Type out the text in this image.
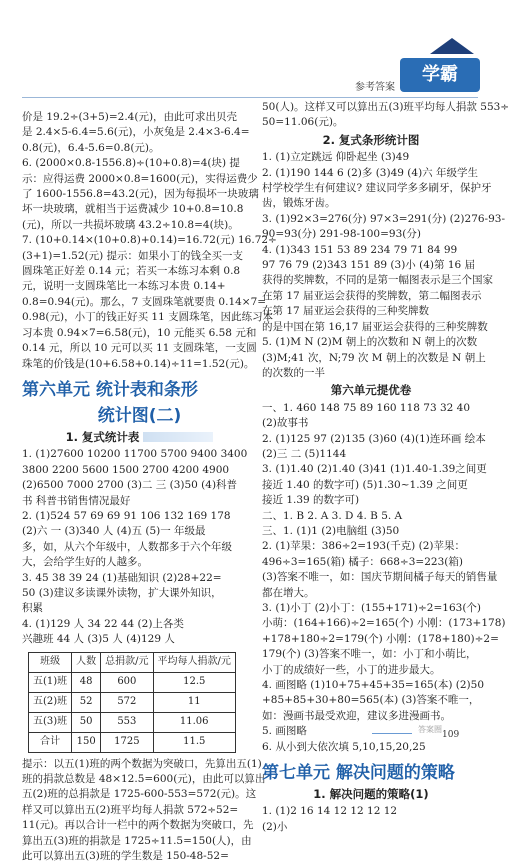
参考答案
学霸
价是 19.2÷(3+5)=2.4(元)，由此可求出贝壳
是 2.4×5-6.4=5.6(元)，小灰兔是 2.4×3-6.4=
0.8(元)，6.4-5.6=0.8(元)。
6. (2000×0.8-1556.8)÷(10+0.8)=4(块) 提
示：应得运费 2000×0.8=1600(元)，实得运费少
了 1600-1556.8=43.2(元)，因为每损坏一块玻璃
坏一块玻璃，就相当于运费减少 10+0.8=10.8
(元)，所以一共损坏玻璃 43.2÷10.8=4(块)。
7. (10+0.14×(10+0.8)+0.14)=16.72(元) 16.72÷
(3+1)=1.52(元) 提示：如果小丁的钱全买一支
圆珠笔正好差 0.14 元；若买一本练习本剩 0.8
元，说明一支圆珠笔比一本练习本贵 0.14+
0.8=0.94(元)。那么，7 支圆珠笔就要贵 0.14×7=
0.98(元)，小丁的钱正好买 11 支圆珠笔，因此练习本
习本贵 0.94×7=6.58(元)，10 元能买 6.58 元和
0.14 元，所以 10 元可以买 11 支圆珠笔，一支圆
珠笔的价钱是(10+6.58+0.14)÷11=1.52(元)。
第六单元 统计表和条形
统计图(二)
1. 复式统计表
1. (1)27600 10200 11700 5700 9400 3400
3800 2200 5600 1500 2700 4200 4900
(2)6500 7000 2700 (3)二 三 (3)50 (4)科普
书 科普书销售情况最好
2. (1)524 57 69 69 91 106 132 169 178
(2)六 一 (3)340 人 (4)五 (5)一 年级最
多，如，从六个年级中，人数都多于六个年级
大，会给学生好的人越多。
3. 45 38 39 24 (1)基础知识 (2)28+22=
50 (3)建议多读课外读物，扩大课外知识，
积累
4. (1)129 人 34 22 44 (2)上各类
兴趣班 44 人 (3)5 人 (4)129 人
班级	人数	总捐款/元	平均每人捐款/元
五(1)班	48	600	12.5
五(2)班	52	572	11
五(3)班	50	553	11.06
合计	150	1725	11.5
提示：以五(1)班的两个数据为突破口，先算出五(1)
班的捐款总数是 48×12.5=600(元)，由此可以算出
五(2)班的总捐款是 1725-600-553=572(元)。这
样又可以算出五(2)班平均每人捐款 572÷52=
11(元)。再以合计一栏中的两个数据为突破口，先
算出五(3)班的捐款是 1725÷11.5=150(人)，由
此可以算出五(3)班的学生数是 150-48-52=
50(人)。这样又可以算出五(3)班平均每人捐款 553÷
50=11.06(元)。
2. 复式条形统计图
1. (1)立定跳远 仰卧起坐 (3)49
2. (1)190 144 6 (2)多 (3)49 (4)六 年级学生
村学校学生有何建议? 建议同学多多刷牙，保护牙
齿，锻炼牙齿。
3. (1)92×3=276(分) 97×3=291(分) (2)276-93-
90=93(分) 291-98-100=93(分)
4. (1)343 151 53 89 234 79 71 84 99
97 76 79 (2)343 151 89 (3)小 (4)第 16 届
获得的奖牌数，不同的是第一幅图表示是三个国家
在第 17 届亚运会获得的奖牌数，第二幅图表示
在第 17 届亚运会获得的三种奖牌数
的是中国在第 16,17 届亚运会获得的三种奖牌数
5. (1)M N (2)M 朝上的次数和 N 朝上的次数
(3)M;41 次，N;79 次 M 朝上的次数是 N 朝上
的次数的一半
第六单元提优卷
一、1. 460 148 75 89 160 118 73 32 40
(2)故事书
2. (1)125 97 (2)135 (3)60 (4)(1)连环画 绘本
(2)三 二 (5)1144
3. (1)1.40 (2)1.40 (3)41 (1)1.40-1.39之间更
接近 1.40 的数字可) (5)1.30~1.39 之间更
接近 1.39 的数字可)
二、1. B 2. A 3. D 4. B 5. A
三、1. (1)1 (2)电脑组 (3)50
2. (1)苹果：386÷2=193(千克) (2)苹果：
496÷3=165(箱) 橘子：668÷3=223(箱)
(3)答案不唯一，如：国庆节期间橘子每天的销售量
都在增大。
3. (1)小丁 (2)小丁：(155+171)÷2=163(个)
小萌：(164+166)÷2=165(个) 小刚：(173+178)
+178+180÷2=179(个) 小刚：(178+180)÷2=
179(个) (3)答案不唯一，如：小丁和小萌比，
小丁的成绩好一些，小丁的进步最大。
4. 画图略 (1)10+75+45+35=165(本) (2)50
+85+85+30+80=565(本) (3)答案不唯一，
如：漫画书最受欢迎，建议多进漫画书。
5. 画图略
6. 从小到大依次填 5,10,15,20,25
第七单元 解决问题的策略
1. 解决问题的策略(1)
1. (1)2 16 14 12 12 12 12
(2)小
109
答案圈
